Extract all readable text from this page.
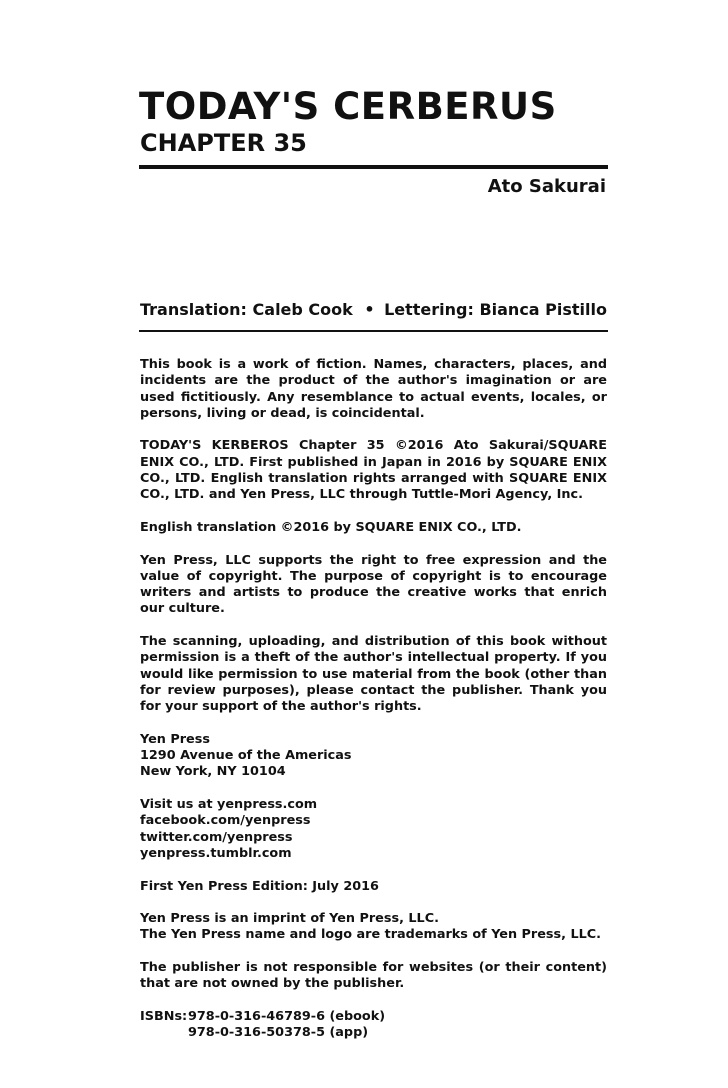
TODAY'S CERBERUS
CHAPTER 35
Ato Sakurai
Translation: Caleb Cook • Lettering: Bianca Pistillo

This book is a work of fiction. Names, characters, places, and incidents are the product of the author's imagination or are used fictitiously. Any resemblance to actual events, locales, or persons, living or dead, is coincidental.

TODAY'S KERBEROS Chapter 35 ©2016 Ato Sakurai/SQUARE ENIX CO., LTD. First published in Japan in 2016 by SQUARE ENIX CO., LTD. English translation rights arranged with SQUARE ENIX CO., LTD. and Yen Press, LLC through Tuttle-Mori Agency, Inc.

English translation ©2016 by SQUARE ENIX CO., LTD.

Yen Press, LLC supports the right to free expression and the value of copyright. The purpose of copyright is to encourage writers and artists to produce the creative works that enrich our culture.

The scanning, uploading, and distribution of this book without permission is a theft of the author's intellectual property. If you would like permission to use material from the book (other than for review purposes), please contact the publisher. Thank you for your support of the author's rights.

Yen Press
1290 Avenue of the Americas
New York, NY 10104
Visit us at yenpress.com
facebook.com/yenpress
twitter.com/yenpress
yenpress.tumblr.com

First Yen Press Edition: July 2016

Yen Press is an imprint of Yen Press, LLC.
The Yen Press name and logo are trademarks of Yen Press, LLC.

The publisher is not responsible for websites (or their content) that are not owned by the publisher.

ISBNs: 978-0-316-46789-6 (ebook)
978-0-316-50378-5 (app)
